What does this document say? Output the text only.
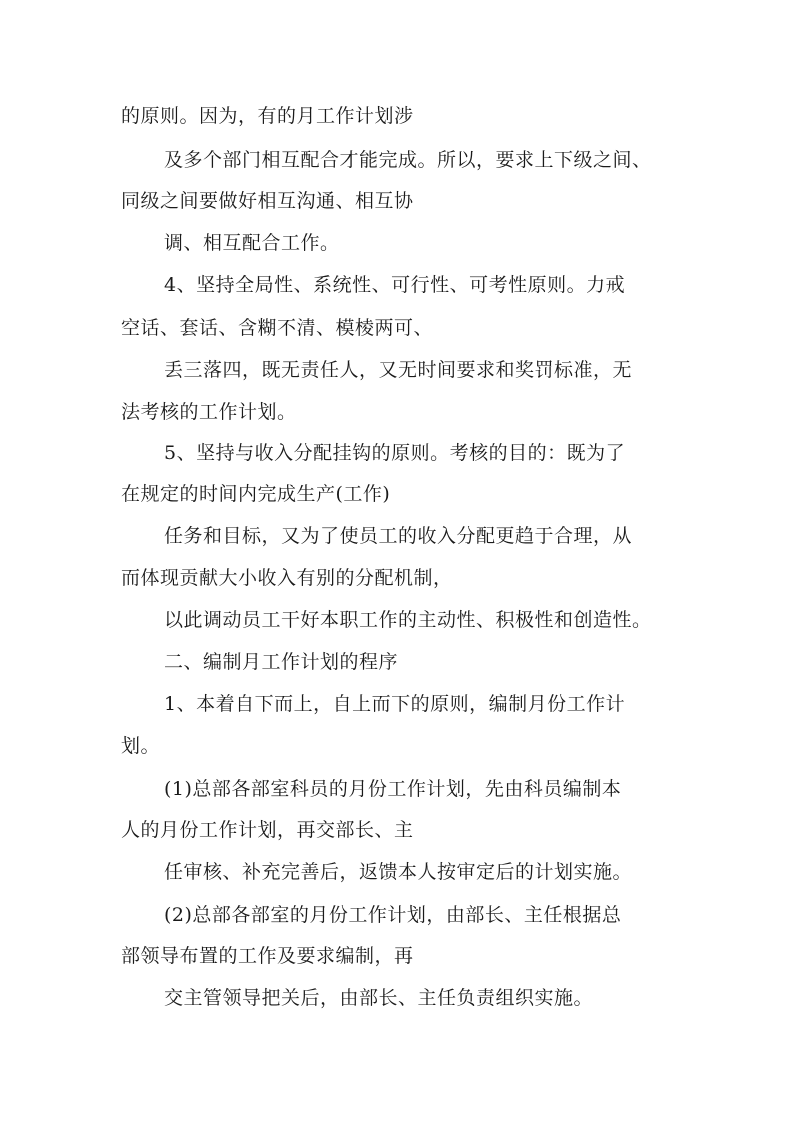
的原则。因为，有的月工作计划涉
及多个部门相互配合才能完成。所以，要求上下级之间、
同级之间要做好相互沟通、相互协
调、相互配合工作。
4、坚持全局性、系统性、可行性、可考性原则。力戒
空话、套话、含糊不清、模棱两可、
丢三落四，既无责任人，又无时间要求和奖罚标准，无
法考核的工作计划。
5、坚持与收入分配挂钩的原则。考核的目的：既为了
在规定的时间内完成生产(工作)
任务和目标，又为了使员工的收入分配更趋于合理，从
而体现贡献大小收入有别的分配机制，
以此调动员工干好本职工作的主动性、积极性和创造性。
二、编制月工作计划的程序
1、本着自下而上，自上而下的原则，编制月份工作计
划。
(1)总部各部室科员的月份工作计划，先由科员编制本
人的月份工作计划，再交部长、主
任审核、补充完善后，返馈本人按审定后的计划实施。
(2)总部各部室的月份工作计划，由部长、主任根据总
部领导布置的工作及要求编制，再
交主管领导把关后，由部长、主任负责组织实施。
